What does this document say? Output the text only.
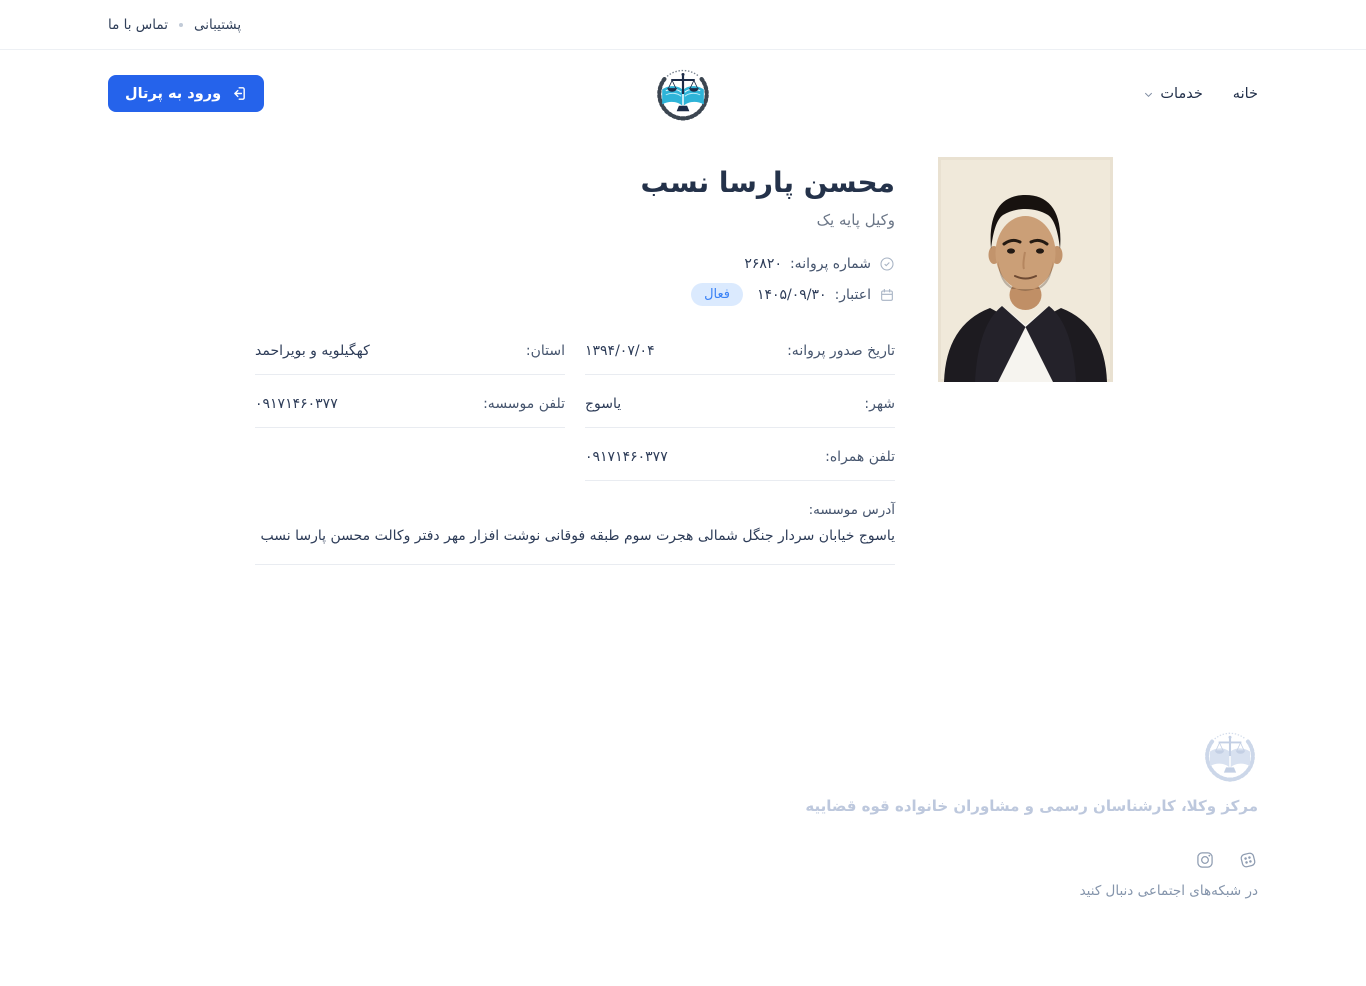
پشتیبانی
تماس با ما
خانه
خدمات
ورود به پرتال
محسن پارسا نسب
وکیل پایه یک
شماره پروانه:
۲۶۸۲۰
اعتبار:
۱۴۰۵/۰۹/۳۰
فعال
تاریخ صدور پروانه:
۱۳۹۴/۰۷/۰۴
استان:
کهگیلویه و بویراحمد
شهر:
یاسوج
تلفن موسسه:
۰۹۱۷۱۴۶۰۳۷۷
تلفن همراه:
۰۹۱۷۱۴۶۰۳۷۷
آدرس موسسه:
یاسوج خیابان سردار جنگل شمالی هجرت سوم طبقه فوقانی نوشت افزار مهر دفتر وکالت محسن پارسا نسب
مرکز وکلا، کارشناسان رسمی و مشاوران خانواده قوه قضاییه
در شبکه‌های اجتماعی دنبال کنید
